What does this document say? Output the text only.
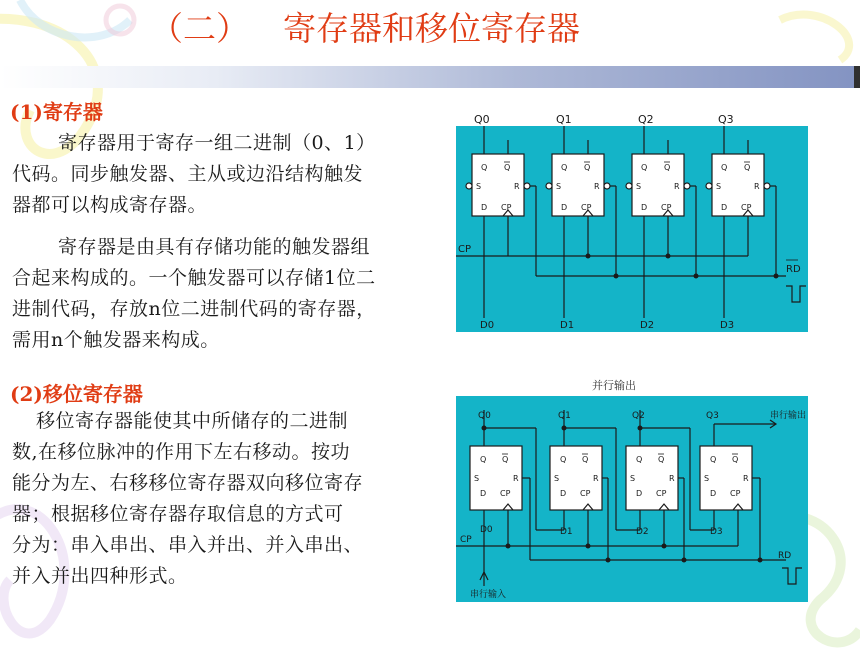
（二） 寄存器和移位寄存器
(1)寄存器
寄存器用于寄存一组二进制（0、1）
代码。同步触发器、主从或边沿结构触发
器都可以构成寄存器。
寄存器是由具有存储功能的触发器组
合起来构成的。一个触发器可以存储1位二
进制代码，存放n位二进制代码的寄存器，
需用n个触发器来构成。
(2)移位寄存器
移位寄存器能使其中所储存的二进制
数,在移位脉冲的作用下左右移动。按功
能分为左、右移移位寄存器双向移位寄存
器；根据移位寄存器存取信息的方式可
分为：串入串出、串入并出、并入串出、
并入并出四种形式。
Q Q
S	R
D CP
Q Q
S	R
D CP
Q Q
S	R
D CP
Q Q
S	R
D CP
CP
RD
D0	D1	D2	D3
Q0	Q1	Q2	Q3
并行输出
Q Q
S	R
D CP
Q Q
S	R
D CP
Q Q
S	R
D CP
Q Q
S	R
D CP
Q0	Q1	Q2	Q3	串行输出
D0	D1	D2	D3
CP
RD
串行输入
